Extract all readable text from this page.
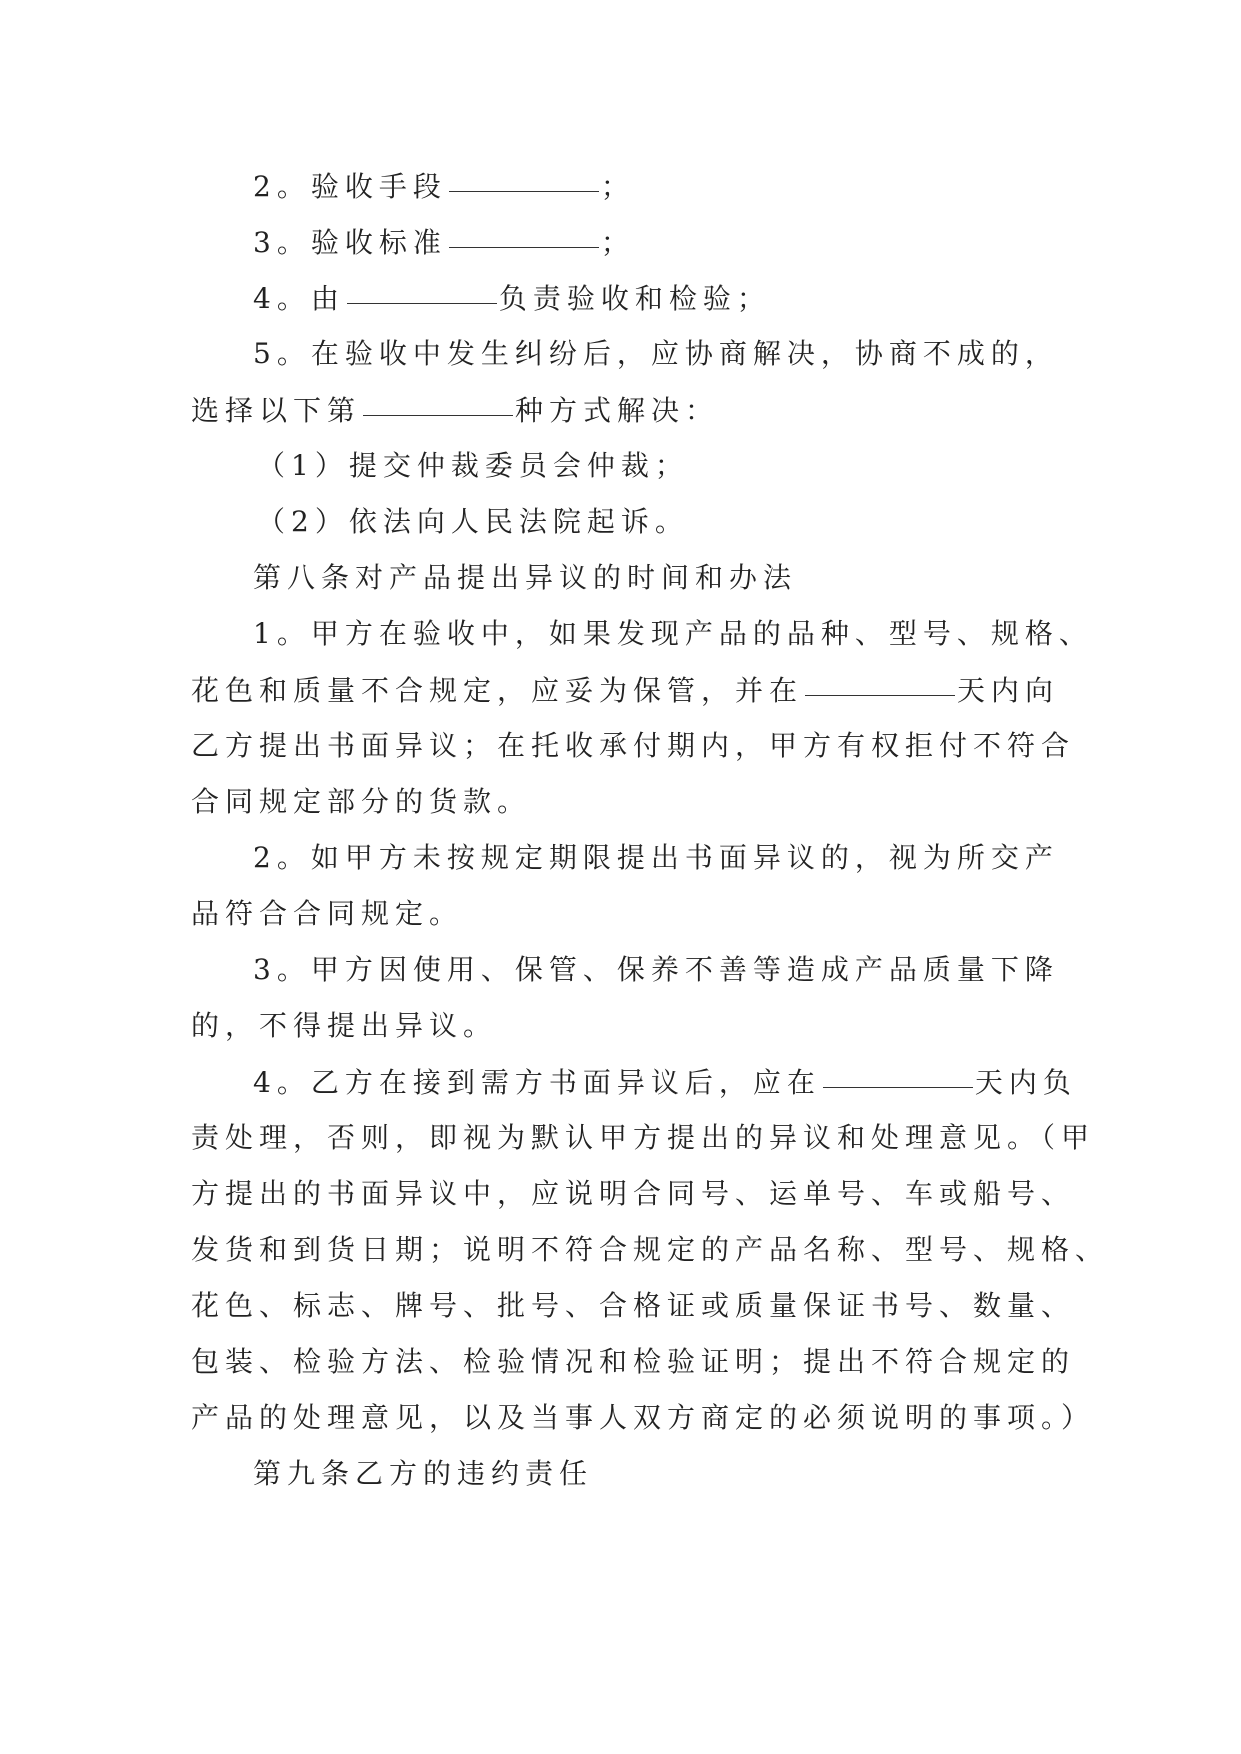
2。验收手段	；
3。验收标准	；
4。由	负责验收和检验；
5。在验收中发生纠纷后，应协商解决，协商不成的，
选择以下第	种方式解决：
（1）提交仲裁委员会仲裁；
（2）依法向人民法院起诉。
第八条对产品提出异议的时间和办法
1。甲方在验收中，如果发现产品的品种、型号、规格、
花色和质量不合规定，应妥为保管，并在	天内向
乙方提出书面异议；在托收承付期内，甲方有权拒付不符合
合同规定部分的货款。
2。如甲方未按规定期限提出书面异议的，视为所交产
品符合合同规定。
3。甲方因使用、保管、保养不善等造成产品质量下降
的，不得提出异议。
4。乙方在接到需方书面异议后，应在	天内负
责处理，否则，即视为默认甲方提出的异议和处理意见。（甲
方提出的书面异议中，应说明合同号、运单号、车或船号、
发货和到货日期；说明不符合规定的产品名称、型号、规格、
花色、标志、牌号、批号、合格证或质量保证书号、数量、
包装、检验方法、检验情况和检验证明；提出不符合规定的
产品的处理意见，以及当事人双方商定的必须说明的事项。）
第九条乙方的违约责任
